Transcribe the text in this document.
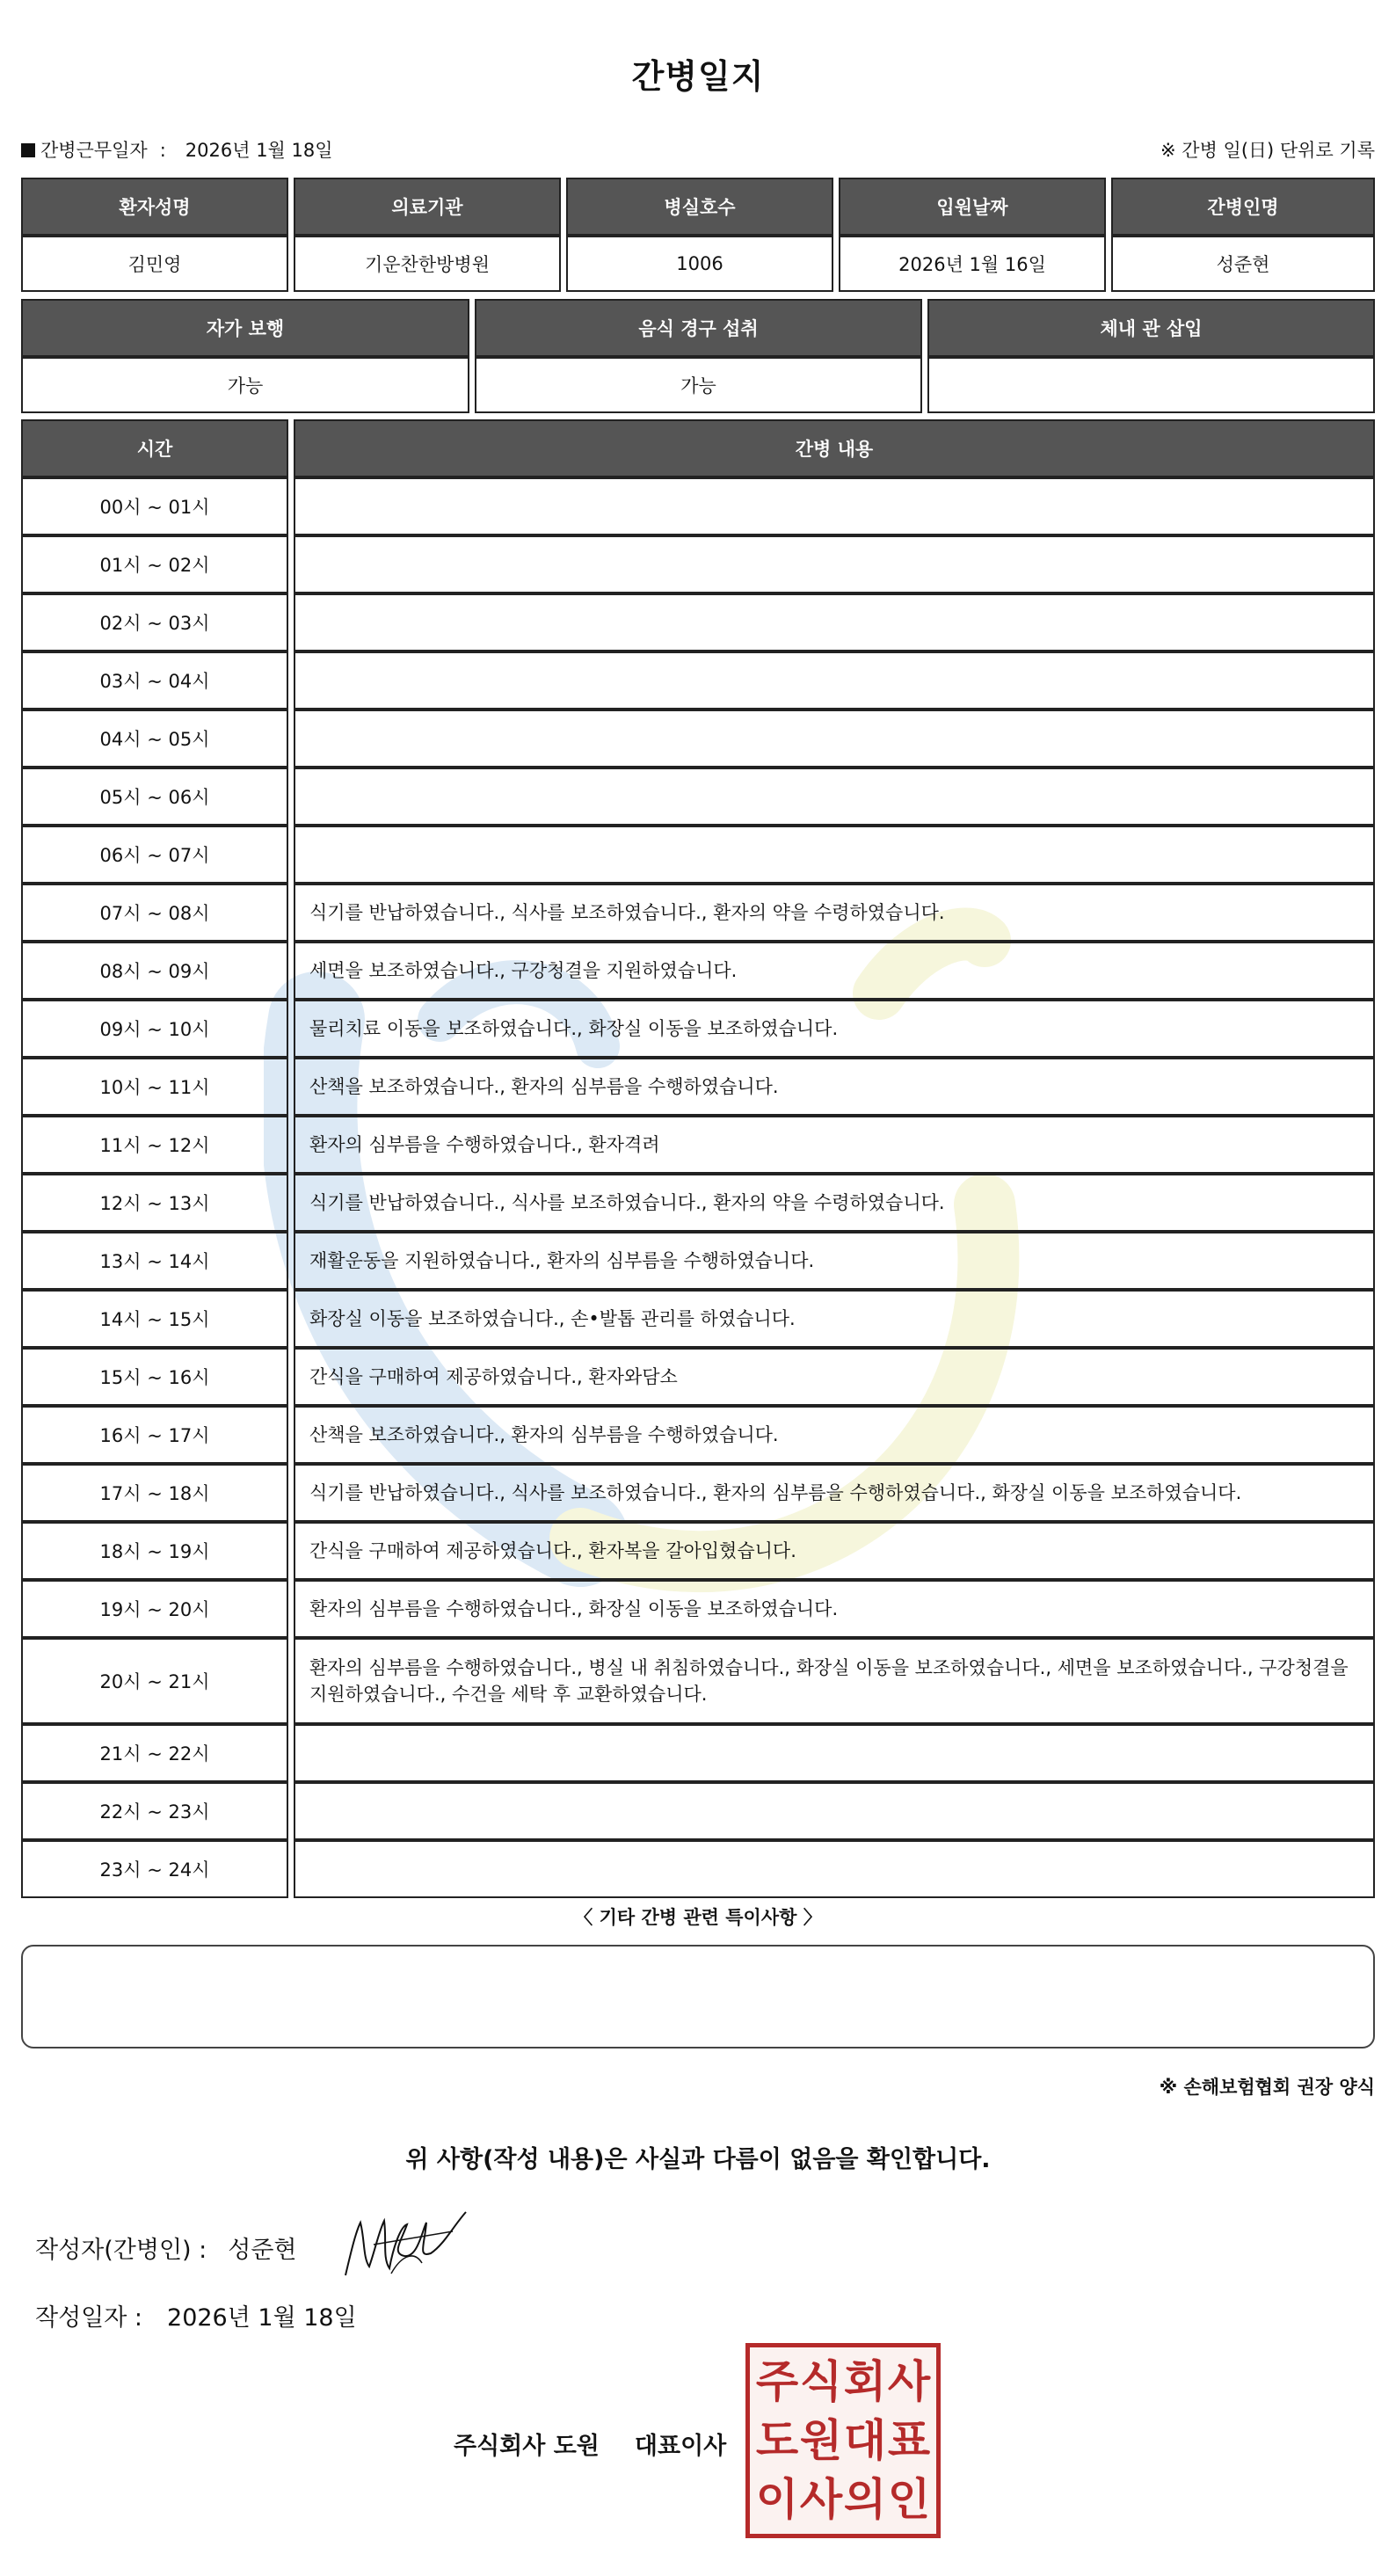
간병일지
간병근무일자 : 2026년 1월 18일	※ 간병 일(日) 단위로 기록
환자성명		의료기관		병실호수		입원날짜		간병인명
김민영		기운찬한방병원		1006		2026년 1월 16일		성준현
자가 보행		음식 경구 섭취		체내 관 삽입
가능		가능		
시간		간병 내용
00시 ~ 01시		
01시 ~ 02시		
02시 ~ 03시		
03시 ~ 04시		
04시 ~ 05시		
05시 ~ 06시		
06시 ~ 07시		
07시 ~ 08시		식기를 반납하였습니다., 식사를 보조하였습니다., 환자의 약을 수령하였습니다.
08시 ~ 09시		세면을 보조하였습니다., 구강청결을 지원하였습니다.
09시 ~ 10시		물리치료 이동을 보조하였습니다., 화장실 이동을 보조하였습니다.
10시 ~ 11시		산책을 보조하였습니다., 환자의 심부름을 수행하였습니다.
11시 ~ 12시		환자의 심부름을 수행하였습니다., 환자격려
12시 ~ 13시		식기를 반납하였습니다., 식사를 보조하였습니다., 환자의 약을 수령하였습니다.
13시 ~ 14시		재활운동을 지원하였습니다., 환자의 심부름을 수행하였습니다.
14시 ~ 15시		화장실 이동을 보조하였습니다., 손•발톱 관리를 하였습니다.
15시 ~ 16시		간식을 구매하여 제공하였습니다., 환자와담소
16시 ~ 17시		산책을 보조하였습니다., 환자의 심부름을 수행하였습니다.
17시 ~ 18시		식기를 반납하였습니다., 식사를 보조하였습니다., 환자의 심부름을 수행하였습니다., 화장실 이동을 보조하였습니다.
18시 ~ 19시		간식을 구매하여 제공하였습니다., 환자복을 갈아입혔습니다.
19시 ~ 20시		환자의 심부름을 수행하였습니다., 화장실 이동을 보조하였습니다.
20시 ~ 21시		환자의 심부름을 수행하였습니다., 병실 내 취침하였습니다., 화장실 이동을 보조하였습니다., 세면을 보조하였습니다., 구강청결을 지원하였습니다., 수건을 세탁 후 교환하였습니다.
21시 ~ 22시		
22시 ~ 23시		
23시 ~ 24시		
〈 기타 간병 관련 특이사항 〉
※ 손해보험협회 권장 양식
위 사항(작성 내용)은 사실과 다름이 없음을 확인합니다.
작성자(간병인) : 성준현
작성일자 : 2026년 1월 18일
주식회사 도원 대표이사
주 식 회 사
도 원 대 표
이 사 의 인
